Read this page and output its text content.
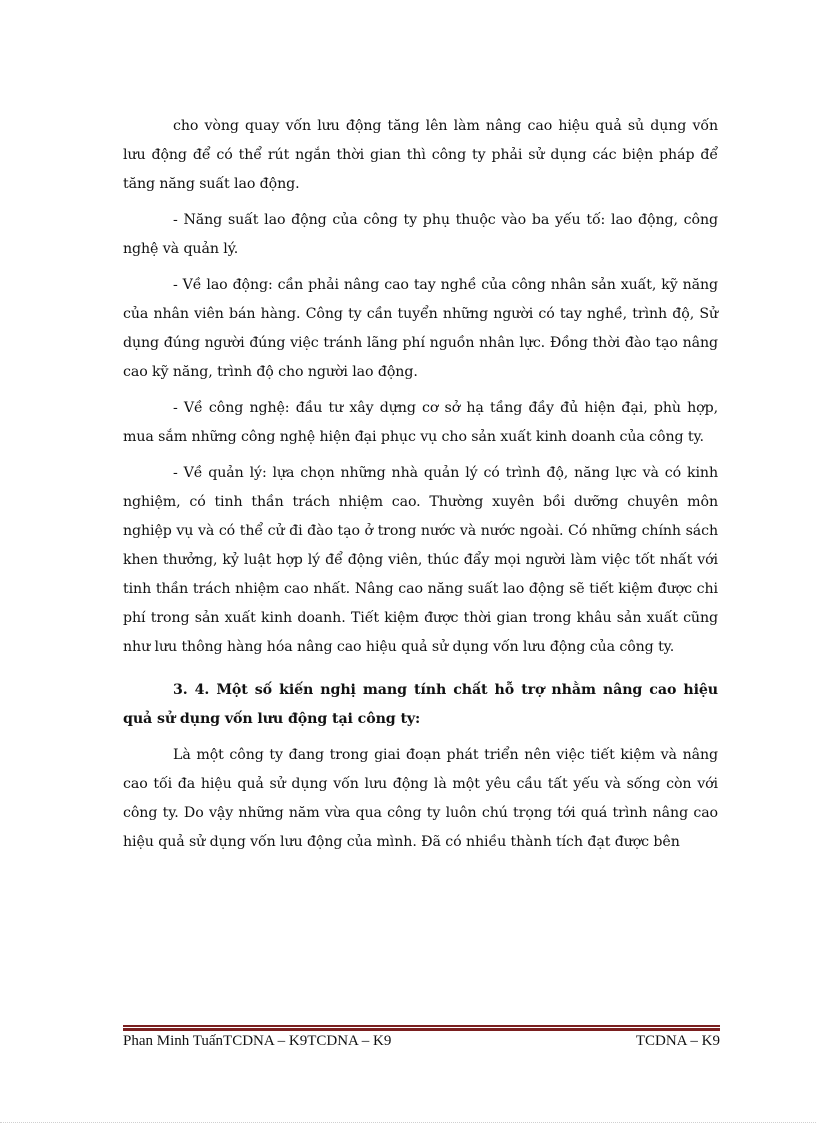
cho vòng quay vốn lưu động tăng lên làm nâng cao hiệu quả sủ dụng vốn lưu động để có thể rút ngắn thời gian thì công ty phải sử dụng các biện pháp để tăng năng suất lao động.

- Năng suất lao động của công ty phụ thuộc vào ba yếu tố: lao động, công nghệ và quản lý.

- Về lao động: cần phải nâng cao tay nghề của công nhân sản xuất, kỹ năng của nhân viên bán hàng. Công ty cần tuyển những người có tay nghề, trình độ, Sử dụng đúng người đúng việc tránh lãng phí nguồn nhân lực. Đồng thời đào tạo nâng cao kỹ năng, trình độ cho người lao động.

- Về công nghệ: đầu tư xây dựng cơ sở hạ tầng đầy đủ hiện đại, phù hợp, mua sắm những công nghệ hiện đại phục vụ cho sản xuất kinh doanh của công ty.

- Về quản lý: lựa chọn những nhà quản lý có trình độ, năng lực và có kinh nghiệm, có tinh thần trách nhiệm cao. Thường xuyên bồi dưỡng chuyên môn nghiệp vụ và có thể cử đi đào tạo ở trong nước và nước ngoài. Có những chính sách khen thưởng, kỷ luật hợp lý để động viên, thúc đẩy mọi người làm việc tốt nhất với tinh thần trách nhiệm cao nhất. Nâng cao năng suất lao động sẽ tiết kiệm được chi phí trong sản xuất kinh doanh. Tiết kiệm được thời gian trong khâu sản xuất cũng như lưu thông hàng hóa nâng cao hiệu quả sử dụng vốn lưu động của công ty.

3. 4. Một số kiến nghị mang tính chất hỗ trợ nhằm nâng cao hiệu quả sử dụng vốn lưu động tại công ty:

Là một công ty đang trong giai đoạn phát triển nên việc tiết kiệm và nâng cao tối đa hiệu quả sử dụng vốn lưu động là một yêu cầu tất yếu và sống còn với công ty. Do vậy những năm vừa qua công ty luôn chú trọng tới quá trình nâng cao hiệu quả sử dụng vốn lưu động của mình. Đã có nhiều thành tích đạt được bên

Phan Minh TuấnTCDNA – K9TCDNA – K9	TCDNA – K9
